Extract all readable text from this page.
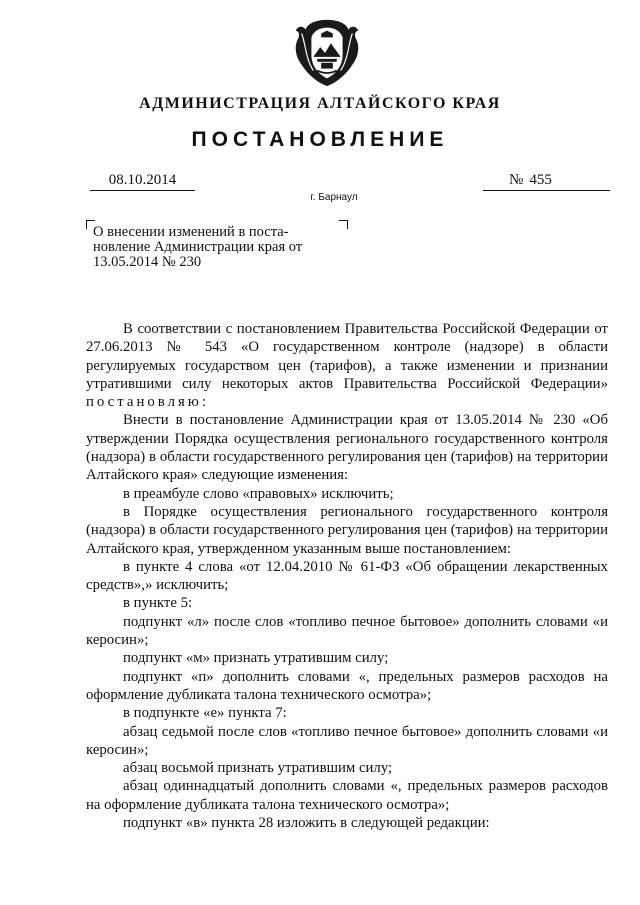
АДМИНИСТРАЦИЯ АЛТАЙСКОГО КРАЯ
ПОСТАНОВЛЕНИЕ
08.10.2014	№ 455
г. Барнаул
О внесении изменений в поста-
новление Администрации края от
13.05.2014 № 230

В соответствии с постановлением Правительства Российской Федерации от 27.06.2013 № 543 «О государственном контроле (надзоре) в области регулируемых государством цен (тарифов), а также изменении и признании утратившими силу некоторых актов Правительства Российской Федерации» постановляю:

Внести в постановление Администрации края от 13.05.2014 № 230 «Об утверждении Порядка осуществления регионального государственного контроля (надзора) в области государственного регулирования цен (тарифов) на территории Алтайского края» следующие изменения:

в преамбуле слово «правовых» исключить;

в Порядке осуществления регионального государственного контроля (надзора) в области государственного регулирования цен (тарифов) на территории Алтайского края, утвержденном указанным выше постановлением:

в пункте 4 слова «от 12.04.2010 № 61-ФЗ «Об обращении лекарственных средств»,» исключить;

в пункте 5:

подпункт «л» после слов «топливо печное бытовое» дополнить словами «и керосин»;

подпункт «м» признать утратившим силу;

подпункт «п» дополнить словами «, предельных размеров расходов на оформление дубликата талона технического осмотра»;

в подпункте «е» пункта 7:

абзац седьмой после слов «топливо печное бытовое» дополнить словами «и керосин»;

абзац восьмой признать утратившим силу;

абзац одиннадцатый дополнить словами «, предельных размеров расходов на оформление дубликата талона технического осмотра»;

подпункт «в» пункта 28 изложить в следующей редакции:
